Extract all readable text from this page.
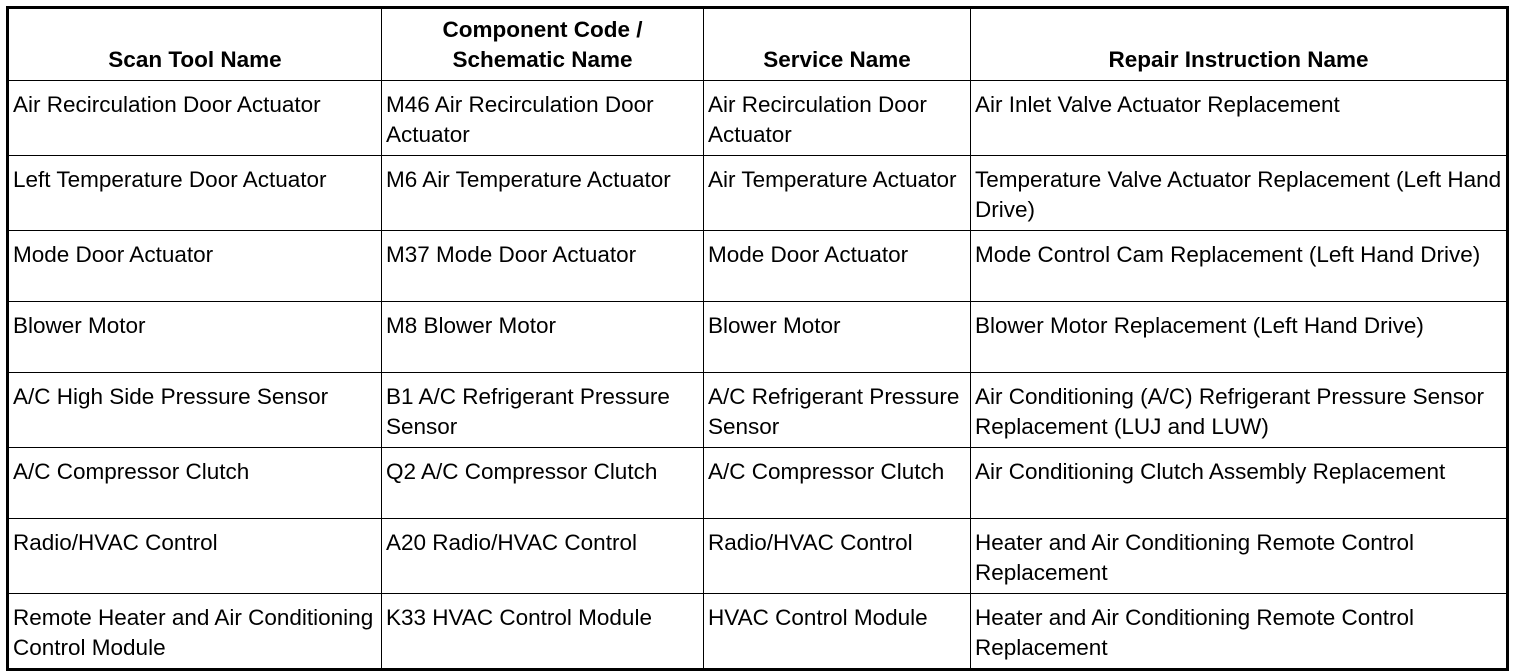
Scan Tool Name	Component Code / Schematic Name	Service Name	Repair Instruction Name
Air Recirculation Door Actuator	M46 Air Recirculation Door Actuator	Air Recirculation Door Actuator	Air Inlet Valve Actuator Replacement
Left Temperature Door Actuator	M6 Air Temperature Actuator	Air Temperature Actuator	Temperature Valve Actuator Replacement (Left Hand Drive)
Mode Door Actuator	M37 Mode Door Actuator	Mode Door Actuator	Mode Control Cam Replacement (Left Hand Drive)
Blower Motor	M8 Blower Motor	Blower Motor	Blower Motor Replacement (Left Hand Drive)
A/C High Side Pressure Sensor	B1 A/C Refrigerant Pressure Sensor	A/C Refrigerant Pressure Sensor	Air Conditioning (A/C) Refrigerant Pressure Sensor Replacement (LUJ and LUW)
A/C Compressor Clutch	Q2 A/C Compressor Clutch	A/C Compressor Clutch	Air Conditioning Clutch Assembly Replacement
Radio/HVAC Control	A20 Radio/HVAC Control	Radio/HVAC Control	Heater and Air Conditioning Remote Control Replacement
Remote Heater and Air Conditioning Control Module	K33 HVAC Control Module	HVAC Control Module	Heater and Air Conditioning Remote Control Replacement
